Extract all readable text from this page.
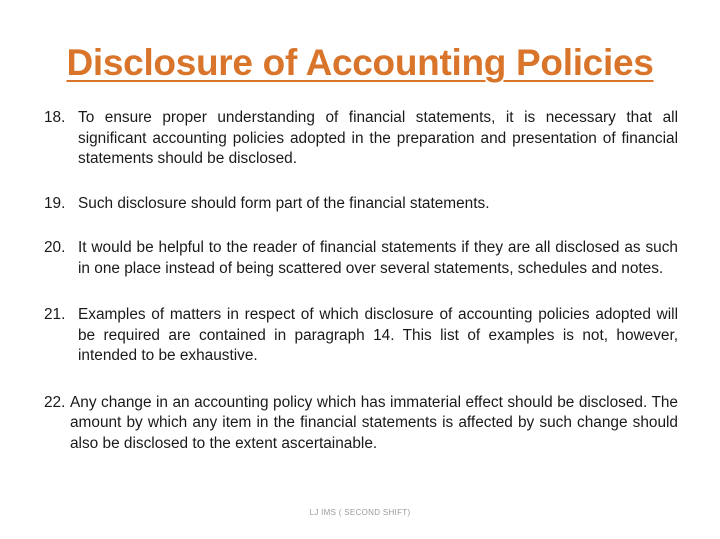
Disclosure of Accounting Policies
18. To ensure proper understanding of financial statements, it is necessary that all significant accounting policies adopted in the preparation and presentation of financial statements should be disclosed.
19. Such disclosure should form part of the financial statements.
20. It would be helpful to the reader of financial statements if they are all disclosed as such in one place instead of being scattered over several statements, schedules and notes.
21. Examples of matters in respect of which disclosure of accounting policies adopted will be required are contained in paragraph 14. This list of examples is not, however, intended to be exhaustive.
22. Any change in an accounting policy which has immaterial effect should be disclosed. The amount by which any item in the financial statements is affected by such change should also be disclosed to the extent ascertainable.
LJ IMS ( SECOND SHIFT)
